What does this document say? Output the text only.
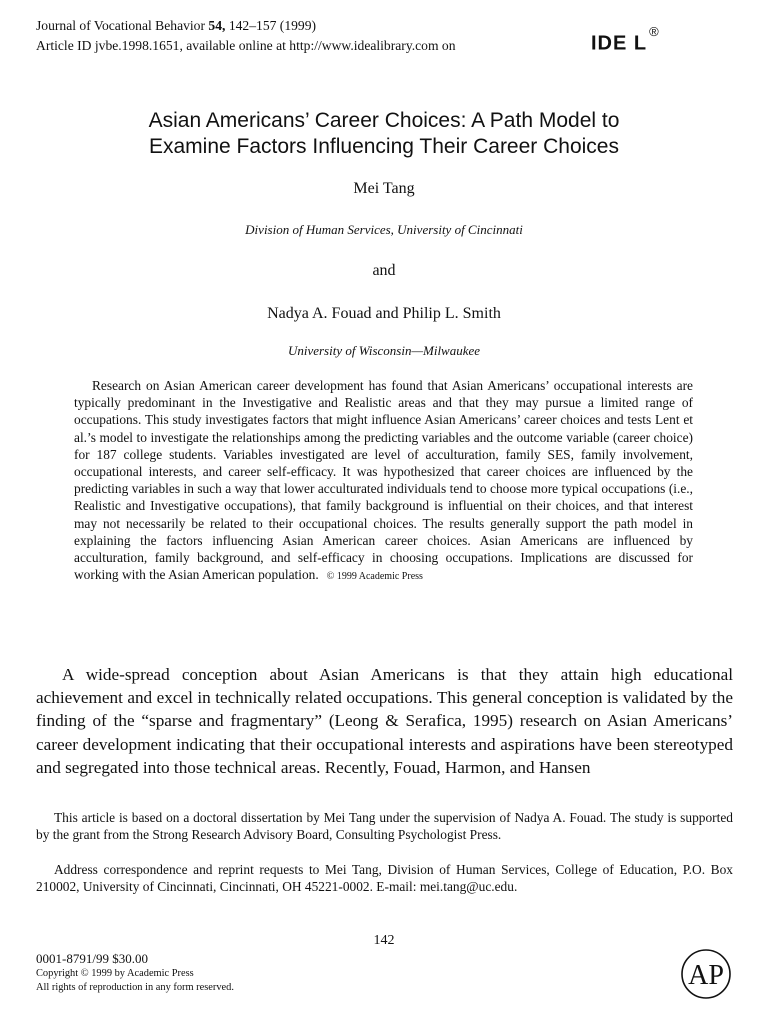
Journal of Vocational Behavior 54, 142–157 (1999)
Article ID jvbe.1998.1651, available online at http://www.idealibrary.com on	IDE L®
Asian Americans’ Career Choices: A Path Model to
Examine Factors Influencing Their Career Choices
Mei Tang
Division of Human Services, University of Cincinnati
and
Nadya A. Fouad and Philip L. Smith
University of Wisconsin—Milwaukee

Research on Asian American career development has found that Asian Americans’ occupational interests are typically predominant in the Investigative and Realistic areas and that they may pursue a limited range of occupations. This study investigates factors that might influence Asian Americans’ career choices and tests Lent et al.’s model to investigate the relationships among the predicting variables and the outcome variable (career choice) for 187 college students. Variables investigated are level of acculturation, family SES, family involvement, occupational interests, and career self-efficacy. It was hypothesized that career choices are influenced by the predicting variables in such a way that lower acculturated individuals tend to choose more typical occupations (i.e., Realistic and Investigative occupations), that family background is influential on their choices, and that interest may not necessarily be related to their occupational choices. The results generally support the path model in explaining the factors influencing Asian American career choices. Asian Americans are influenced by acculturation, family background, and self-efficacy in choosing occupations. Implications are discussed for working with the Asian American population. © 1999 Academic Press

A wide-spread conception about Asian Americans is that they attain high educational achievement and excel in technically related occupations. This general conception is validated by the finding of the “sparse and fragmentary” (Leong & Serafica, 1995) research on Asian Americans’ career development indicating that their occupational interests and aspirations have been stereotyped and segregated into those technical areas. Recently, Fouad, Harmon, and Hansen

This article is based on a doctoral dissertation by Mei Tang under the supervision of Nadya A. Fouad. The study is supported by the grant from the Strong Research Advisory Board, Consulting Psychologist Press.

Address correspondence and reprint requests to Mei Tang, Division of Human Services, College of Education, P.O. Box 210002, University of Cincinnati, Cincinnati, OH 45221-0002. E-mail: mei.tang@uc.edu.

142
0001-8791/99 $30.00
Copyright © 1999 by Academic Press
All rights of reproduction in any form reserved.	AP
